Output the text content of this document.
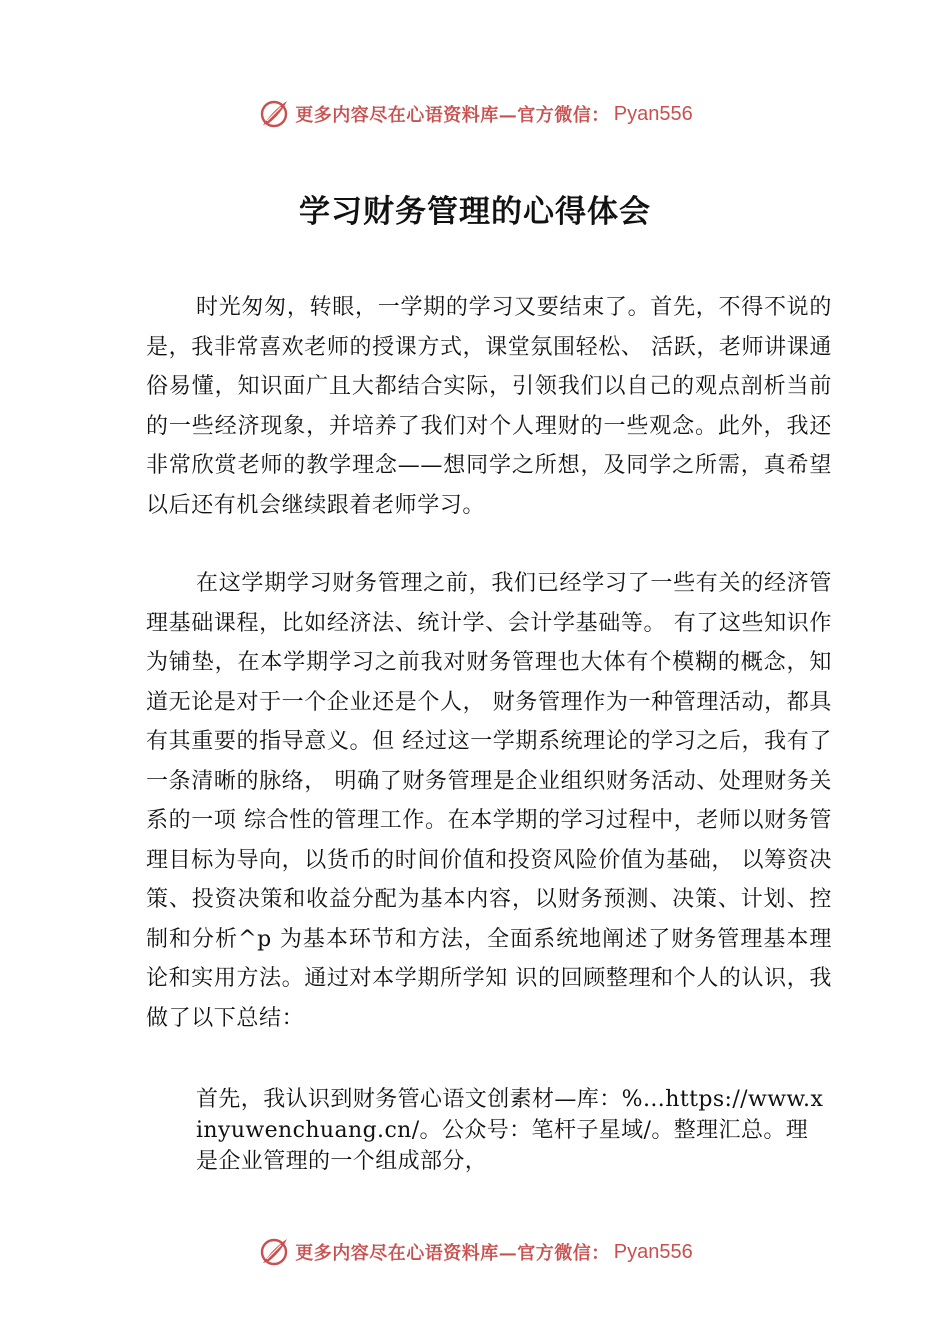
更多内容尽在心语资料库—官方微信： Pyan556
学习财务管理的心得体会

时光匆匆，转眼，一学期的学习又要结束了。首先，不得不说的是，我非常喜欢老师的授课方式，课堂氛围轻松、 活跃，老师讲课通俗易懂，知识面广且大都结合实际，引领我们以自己的观点剖析当前的一些经济现象，并培养了我们对个人理财的一些观念。此外，我还非常欣赏老师的教学理念——想同学之所想，及同学之所需，真希望以后还有机会继续跟着老师学习。

在这学期学习财务管理之前，我们已经学习了一些有关的经济管理基础课程，比如经济法、统计学、会计学基础等。 有了这些知识作为铺垫，在本学期学习之前我对财务管理也大体有个模糊的概念，知道无论是对于一个企业还是个人， 财务管理作为一种管理活动，都具有其重要的指导意义。但 经过这一学期系统理论的学习之后，我有了一条清晰的脉络， 明确了财务管理是企业组织财务活动、处理财务关系的一项 综合性的管理工作。在本学期的学习过程中，老师以财务管 理目标为导向，以货币的时间价值和投资风险价值为基础， 以筹资决策、投资决策和收益分配为基本内容，以财务预测、决策、计划、控制和分析^p 为基本环节和方法，全面系统地阐述了财务管理基本理论和实用方法。通过对本学期所学知 识的回顾整理和个人的认识，我做了以下总结：

首先，我认识到财务管心语文创素材—库：%…https://www.xinyuwenchuang.cn/。公众号：笔杆子星域/。整理汇总。理是企业管理的一个组成部分，

更多内容尽在心语资料库—官方微信： Pyan556
